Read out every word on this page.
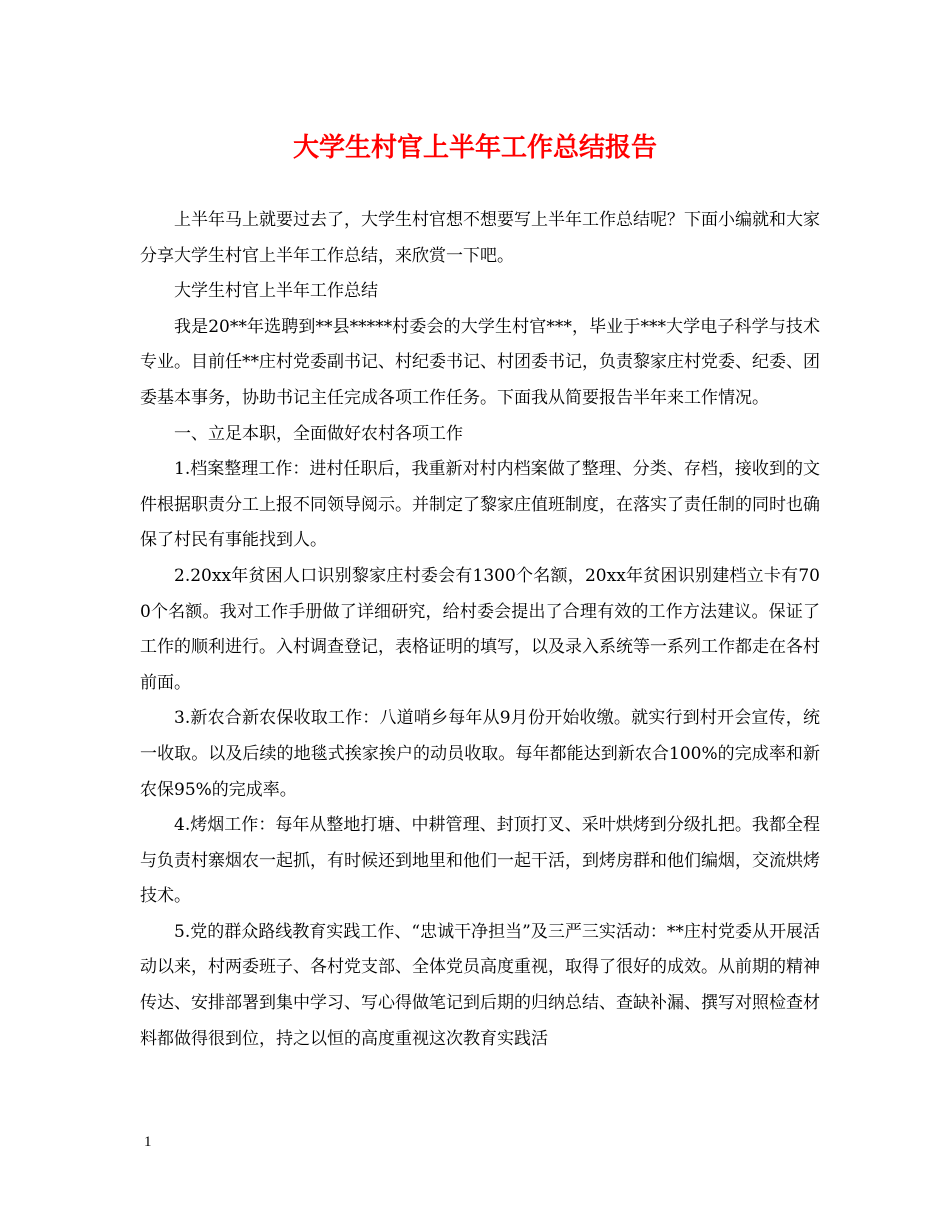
大学生村官上半年工作总结报告

上半年马上就要过去了，大学生村官想不想要写上半年工作总结呢？下面小编就和大家分享大学生村官上半年工作总结，来欣赏一下吧。

大学生村官上半年工作总结

我是20**年选聘到**县*****村委会的大学生村官***，毕业于***大学电子科学与技术专业。目前任**庄村党委副书记、村纪委书记、村团委书记，负责黎家庄村党委、纪委、团委基本事务，协助书记主任完成各项工作任务。下面我从简要报告半年来工作情况。

一、立足本职，全面做好农村各项工作

1.档案整理工作：进村任职后，我重新对村内档案做了整理、分类、存档，接收到的文件根据职责分工上报不同领导阅示。并制定了黎家庄值班制度，在落实了责任制的同时也确保了村民有事能找到人。

2.20xx年贫困人口识别黎家庄村委会有1300个名额，20xx年贫困识别建档立卡有700个名额。我对工作手册做了详细研究，给村委会提出了合理有效的工作方法建议。保证了工作的顺利进行。入村调查登记，表格证明的填写，以及录入系统等一系列工作都走在各村前面。

3.新农合新农保收取工作：八道哨乡每年从9月份开始收缴。就实行到村开会宣传，统一收取。以及后续的地毯式挨家挨户的动员收取。每年都能达到新农合100%的完成率和新农保95%的完成率。

4.烤烟工作：每年从整地打塘、中耕管理、封顶打叉、采叶烘烤到分级扎把。我都全程与负责村寨烟农一起抓，有时候还到地里和他们一起干活，到烤房群和他们编烟，交流烘烤技术。

5.党的群众路线教育实践工作、“忠诚干净担当”及三严三实活动：**庄村党委从开展活动以来，村两委班子、各村党支部、全体党员高度重视，取得了很好的成效。从前期的精神传达、安排部署到集中学习、写心得做笔记到后期的归纳总结、查缺补漏、撰写对照检查材料都做得很到位，持之以恒的高度重视这次教育实践活

1
